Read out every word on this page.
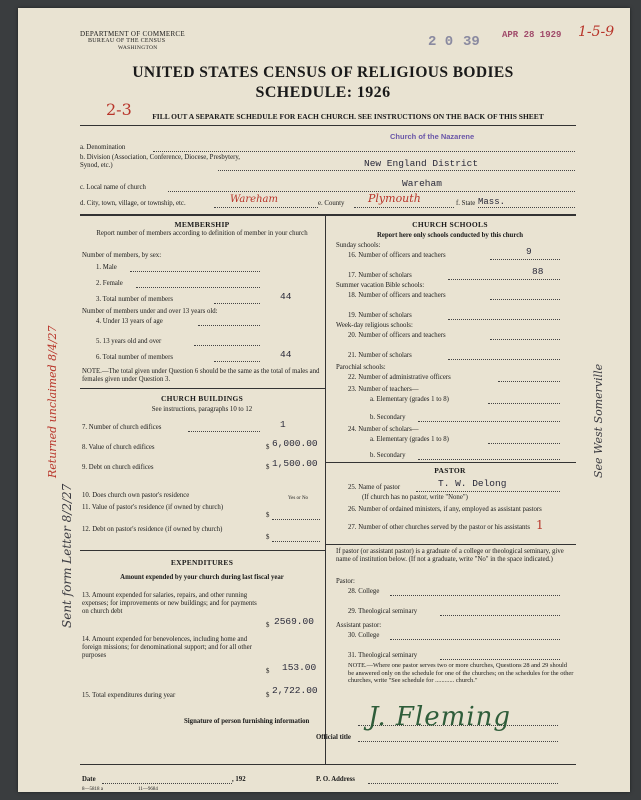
DEPARTMENT OF COMMERCE
BUREAU OF THE CENSUS
WASHINGTON	2 0 39 APR 28 1929 1-5-9
UNITED STATES CENSUS OF RELIGIOUS BODIES
SCHEDULE: 1926
2-3	FILL OUT A SEPARATE SCHEDULE FOR EACH CHURCH. SEE INSTRUCTIONS ON THE BACK OF THIS SHEET
a. Denomination
Church of the Nazarene
b. Division (Association, Conference, Diocese, Presbytery, Synod, etc.)	New England District
c. Local name of church	Wareham
d. City, town, village, or township, etc.	Wareham	e. County Plymouth	f. State Mass.
MEMBERSHIP
Report number of members according to definition of member in your church
Number of members, by sex:
1. Male
2. Female
3. Total number of members	44
Number of members under and over 13 years old:
4. Under 13 years of age
5. 13 years old and over
6. Total number of members	44
NOTE.—The total given under Question 6 should be the same as the total of males and females given under Question 3.
CHURCH BUILDINGS
See instructions, paragraphs 10 to 12
7. Number of church edifices	1
8. Value of church edifices	$ 6,000.00
9. Debt on church edifices	$ 1,500.00
10. Does church own pastor's residence	Yes or No
11. Value of pastor's residence (if owned by church)
$
12. Debt on pastor's residence (if owned by church)
$
EXPENDITURES
Amount expended by your church during last fiscal year
13. Amount expended for salaries, repairs, and other running expenses; for improvements or new buildings; and for payments on church debt
$ 2569.00
14. Amount expended for benevolences, including home and foreign missions; for denominational support; and for all other purposes
$ 153.00
15. Total expenditures during year	$ 2,722.00
CHURCH SCHOOLS
Report here only schools conducted by this church
Sunday schools:
16. Number of officers and teachers	9
17. Number of scholars	88
Summer vacation Bible schools:
18. Number of officers and teachers
19. Number of scholars
Week-day religious schools:
20. Number of officers and teachers
21. Number of scholars
Parochial schools:
22. Number of administrative officers
23. Number of teachers—
a. Elementary (grades 1 to 8)
b. Secondary
24. Number of scholars—
a. Elementary (grades 1 to 8)
b. Secondary
PASTOR
25. Name of pastor	T. W. Delong
(If church has no pastor, write "None")
26. Number of ordained ministers, if any, employed as assistant pastors
27. Number of other churches served by the pastor or his assistants 1
If pastor (or assistant pastor) is a graduate of a college or theological seminary, give name of institution below. (If not a graduate, write "No" in the space indicated.)
Pastor:
28. College
29. Theological seminary
Assistant pastor:
30. College
31. Theological seminary
NOTE.—Where one pastor serves two or more churches, Questions 28 and 29 should be answered only on the schedule for one of the churches; on the schedules for the other churches, write "See schedule for ............ church."
Signature of person furnishing information J. Fleming
Official title
Date	, 192	P. O. Address
8—5818 a	11—9684
Sent form Letter 8/2/27
Returned unclaimed 8/4/27	See West Somerville
